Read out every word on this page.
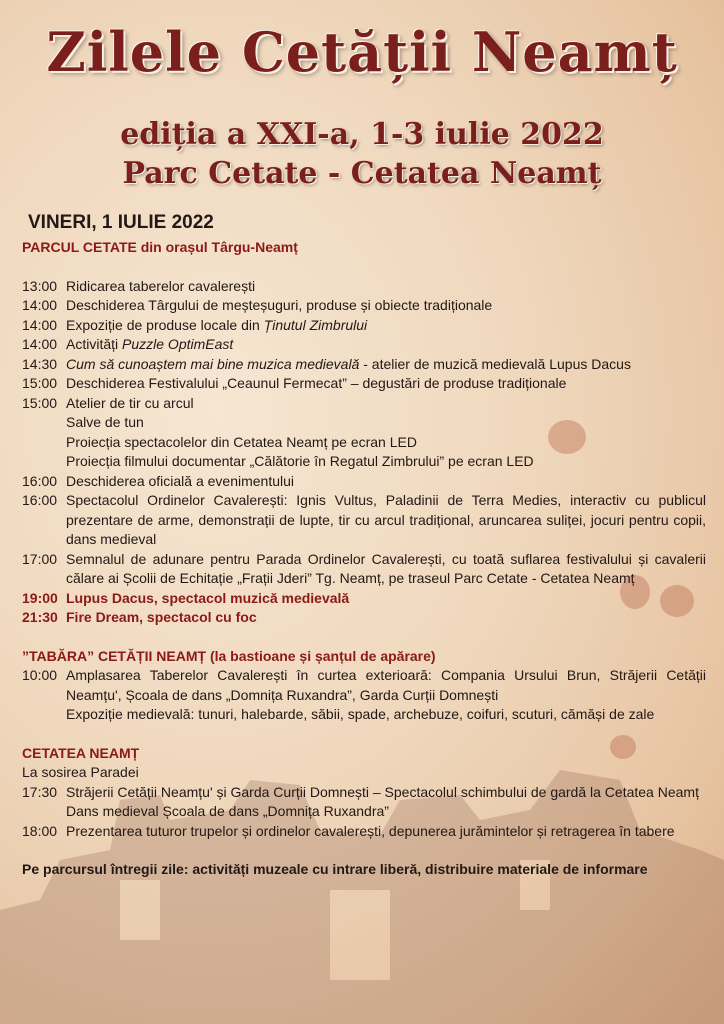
Zilele Cetății Neamț
ediția a XXI-a, 1-3 iulie 2022
Parc Cetate - Cetatea Neamț
VINERI, 1 IULIE 2022
PARCUL CETATE din orașul Târgu-Neamț
13:00 Ridicarea taberelor cavalerești
14:00 Deschiderea Târgului de meșteșuguri, produse și obiecte tradiționale
14:00 Expoziție de produse locale din Ținutul Zimbrului
14:00 Activități Puzzle OptimEast
14:30 Cum să cunoaștem mai bine muzica medievală - atelier de muzică medievală Lupus Dacus
15:00 Deschiderea Festivalului „Ceaunul Fermecat” – degustări de produse tradiționale
15:00 Atelier de tir cu arcul
Salve de tun
Proiecția spectacolelor din Cetatea Neamț pe ecran LED
Proiecția filmului documentar „Călătorie în Regatul Zimbrului” pe ecran LED
16:00 Deschiderea oficială a evenimentului
16:00 Spectacolul Ordinelor Cavalerești: Ignis Vultus, Paladinii de Terra Medies, interactiv cu publicul prezentare de arme, demonstrații de lupte, tir cu arcul tradițional, aruncarea suliței, jocuri pentru copii, dans medieval
17:00 Semnalul de adunare pentru Parada Ordinelor Cavalerești, cu toată suflarea festivalului și cavalerii călare ai Școlii de Echitație „Frații Jderi” Tg. Neamț, pe traseul Parc Cetate - Cetatea Neamț
19:00 Lupus Dacus, spectacol muzică medievală
21:30 Fire Dream, spectacol cu foc
”TABĂRA” CETĂȚII NEAMȚ (la bastioane și șanțul de apărare)
10:00 Amplasarea Taberelor Cavalerești în curtea exterioară: Compania Ursului Brun, Străjerii Cetății Neamțu', Școala de dans „Domnița Ruxandra”, Garda Curții Domnești
Expoziție medievală: tunuri, halebarde, săbii, spade, archebuze, coifuri, scuturi, cămăși de zale
CETATEA NEAMȚ
La sosirea Paradei
17:30 Străjerii Cetății Neamțu' și Garda Curții Domnești – Spectacolul schimbului de gardă la Cetatea Neamț
Dans medieval Școala de dans „Domnița Ruxandra”
18:00 Prezentarea tuturor trupelor și ordinelor cavalerești, depunerea jurămintelor și retragerea în tabere
Pe parcursul întregii zile: activități muzeale cu intrare liberă, distribuire materiale de informare
